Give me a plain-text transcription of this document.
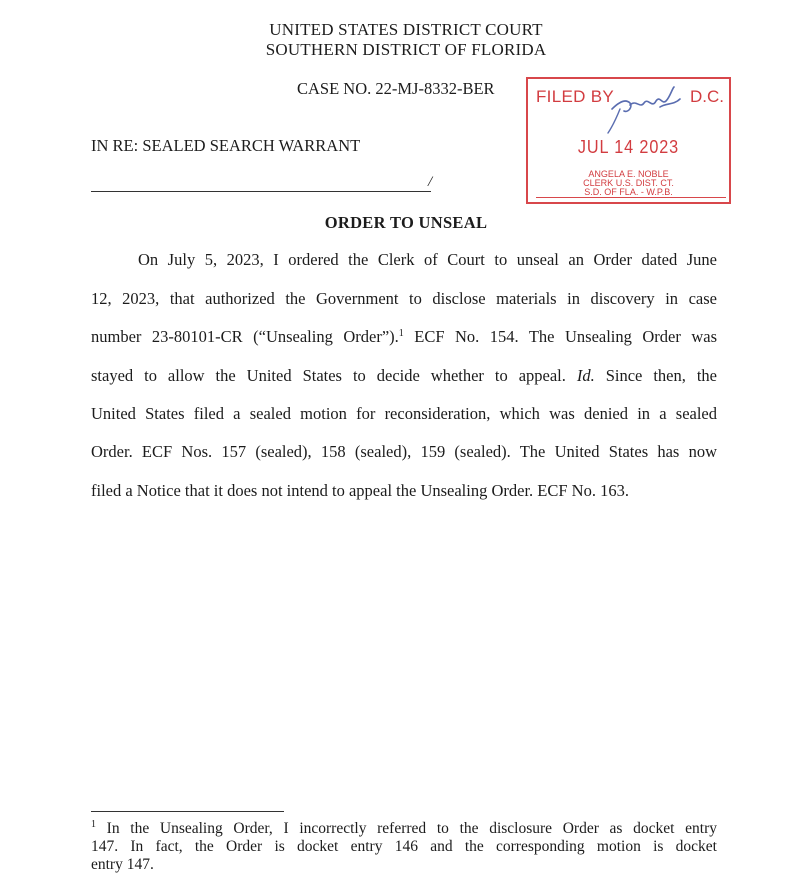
UNITED STATES DISTRICT COURT
SOUTHERN DISTRICT OF FLORIDA
CASE NO. 22-MJ-8332-BER
IN RE: SEALED SEARCH WARRANT
/
FILED BY	D.C.
JUL 14 2023
ANGELA E. NOBLE
CLERK U.S. DIST. CT.
S.D. OF FLA. - W.P.B.
ORDER TO UNSEAL
On July 5, 2023, I ordered the Clerk of Court to unseal an Order dated June
12, 2023, that authorized the Government to disclose materials in discovery in case
number 23-80101-CR (“Unsealing Order”).$^1$ ECF No. 154. The Unsealing Order was
stayed to allow the United States to decide whether to appeal. Id. Since then, the
United States filed a sealed motion for reconsideration, which was denied in a sealed
Order. ECF Nos. 157 (sealed), 158 (sealed), 159 (sealed). The United States has now
filed a Notice that it does not intend to appeal the Unsealing Order. ECF No. 163.
$^1$ In the Unsealing Order, I incorrectly referred to the disclosure Order as docket entry
147. In fact, the Order is docket entry 146 and the corresponding motion is docket
entry 147.
